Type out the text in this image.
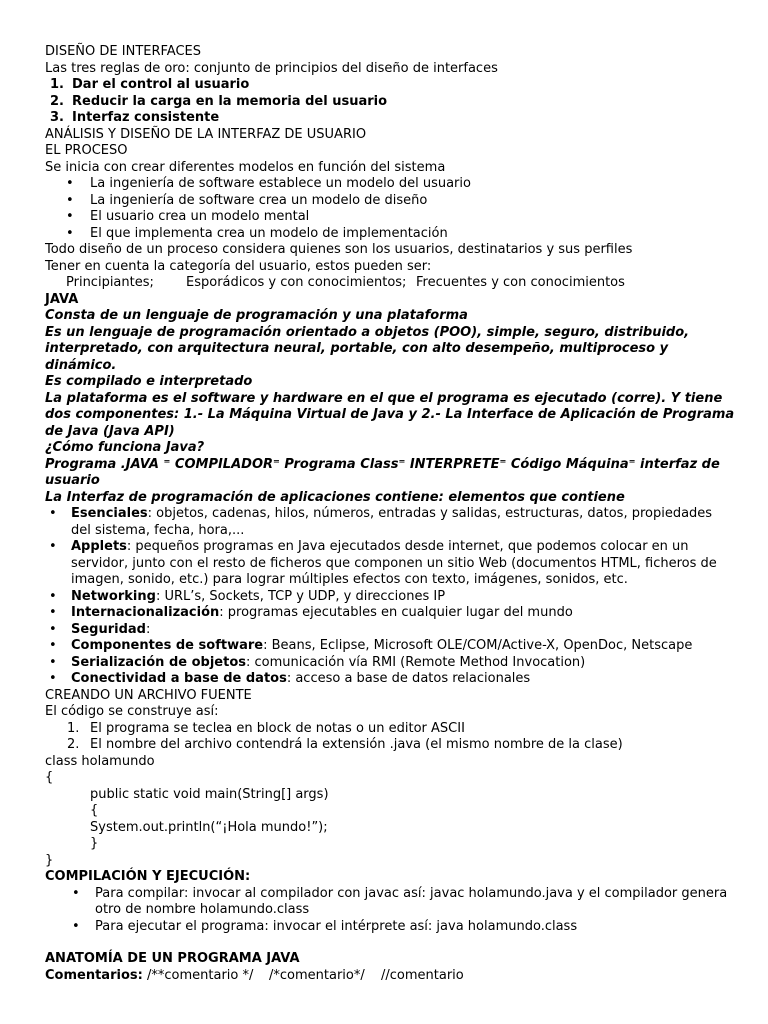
DISEÑO DE INTERFACES

Las tres reglas de oro: conjunto de principios del diseño de interfaces

1. Dar el control al usuario
2. Reducir la carga en la memoria del usuario
3. Interfaz consistente

ANÁLISIS Y DISEÑO DE LA INTERFAZ DE USUARIO

EL PROCESO

Se inicia con crear diferentes modelos en función del sistema

• La ingeniería de software establece un modelo del usuario
• La ingeniería de software crea un modelo de diseño
• El usuario crea un modelo mental
• El que implementa crea un modelo de implementación

Todo diseño de un proceso considera quienes son los usuarios, destinatarios y sus perfiles

Tener en cuenta la categoría del usuario, estos pueden ser:

Principiantes; Esporádicos y con conocimientos; Frecuentes y con conocimientos

JAVA

Consta de un lenguaje de programación y una plataforma

Es un lenguaje de programación orientado a objetos (POO), simple, seguro, distribuido, interpretado, con arquitectura neural, portable, con alto desempeño, multiproceso y dinámico.

Es compilado e interpretado

La plataforma es el software y hardware en el que el programa es ejecutado (corre). Y tiene dos componentes: 1.- La Máquina Virtual de Java y 2.- La Interface de Aplicación de Programa de Java (Java API)

¿Cómo funciona Java?

Programa .JAVA ⁼ COMPILADOR⁼ Programa Class⁼ INTERPRETE⁼ Código Máquina⁼ interfaz de usuario

La Interfaz de programación de aplicaciones contiene: elementos que contiene

• Esenciales: objetos, cadenas, hilos, números, entradas y salidas, estructuras, datos, propiedades del sistema, fecha, hora,...
• Applets: pequeños programas en Java ejecutados desde internet, que podemos colocar en un servidor, junto con el resto de ficheros que componen un sitio Web (documentos HTML, ficheros de imagen, sonido, etc.) para lograr múltiples efectos con texto, imágenes, sonidos, etc.
• Networking: URL’s, Sockets, TCP y UDP, y direcciones IP
• Internacionalización: programas ejecutables en cualquier lugar del mundo
• Seguridad:
• Componentes de software: Beans, Eclipse, Microsoft OLE/COM/Active-X, OpenDoc, Netscape
• Serialización de objetos: comunicación vía RMI (Remote Method Invocation)
• Conectividad a base de datos: acceso a base de datos relacionales

CREANDO UN ARCHIVO FUENTE

El código se construye así:

1. El programa se teclea en block de notas o un editor ASCII
2. El nombre del archivo contendrá la extensión .java (el mismo nombre de la clase)

class holamundo

{

public static void main(String[] args)

{

System.out.println(“¡Hola mundo!”);

}

}

COMPILACIÓN Y EJECUCIÓN:

• Para compilar: invocar al compilador con javac así: javac holamundo.java y el compilador genera otro de nombre holamundo.class
• Para ejecutar el programa: invocar el intérprete así: java holamundo.class

ANATOMÍA DE UN PROGRAMA JAVA

Comentarios: /**comentario */ /*comentario*/ //comentario
